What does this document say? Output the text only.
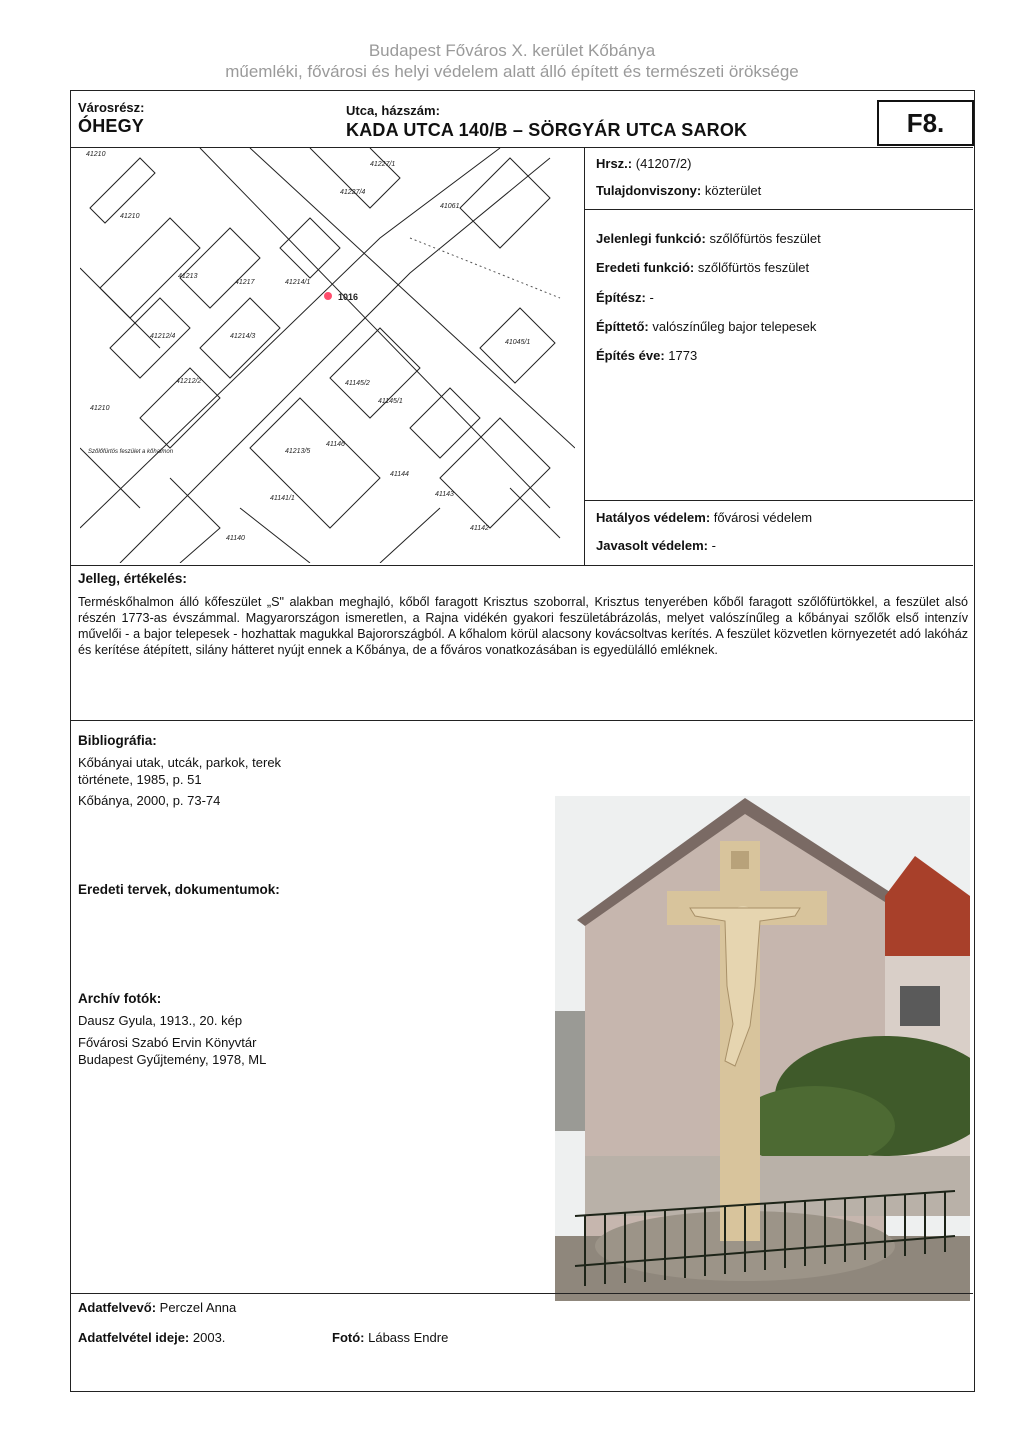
Budapest Főváros X. kerület Kőbánya
műemléki, fővárosi és helyi védelem alatt álló épített és természeti öröksége
Városrész:
ÓHEGY
Utca, házszám:
KADA UTCA 140/B – SÖRGYÁR UTCA SAROK	F8.
41210
41210
41213
41217	41214/1
1016
41212/4	41214/3
41212/2
41210
41145/2
41145/1
41146
41144
41143
41142
41140
41141/1
41227/1
41227/4
41045/1
41213/5
41061
Szőlőfürtös feszület a kőhalmon
Hrsz.: (41207/2)
Tulajdonviszony: közterület
Jelenlegi funkció: szőlőfürtös feszület
Eredeti funkció: szőlőfürtös feszület
Építész: -
Építtető: valószínűleg bajor telepesek
Építés éve: 1773
Hatályos védelem: fővárosi védelem
Javasolt védelem: -
Jelleg, értékelés:
Terméskőhalmon álló kőfeszület „S" alakban meghajló, kőből faragott Krisztus szoborral, Krisztus tenyerében kőből faragott szőlőfürtökkel, a feszület alsó részén 1773-as évszámmal. Magyarországon ismeretlen, a Rajna vidékén gyakori feszületábrázolás, melyet valószínűleg a kőbányai szőlők első intenzív művelői - a bajor telepesek - hozhattak magukkal Bajorországból. A kőhalom körül alacsony kovácsoltvas kerítés. A feszület közvetlen környezetét adó lakóház és kerítése átépített, silány hátteret nyújt ennek a Kőbánya, de a főváros vonatkozásában is egyedülálló emléknek.
Bibliográfia:
Kőbányai utak, utcák, parkok, terek
története, 1985, p. 51
Kőbánya, 2000, p. 73-74
Eredeti tervek, dokumentumok:
Archív fotók:
Dausz Gyula, 1913., 20. kép
Fővárosi Szabó Ervin Könyvtár
Budapest Gyűjtemény, 1978, ML
Adatfelvevő: Perczel Anna
Adatfelvétel ideje: 2003.	Fotó: Lábass Endre
